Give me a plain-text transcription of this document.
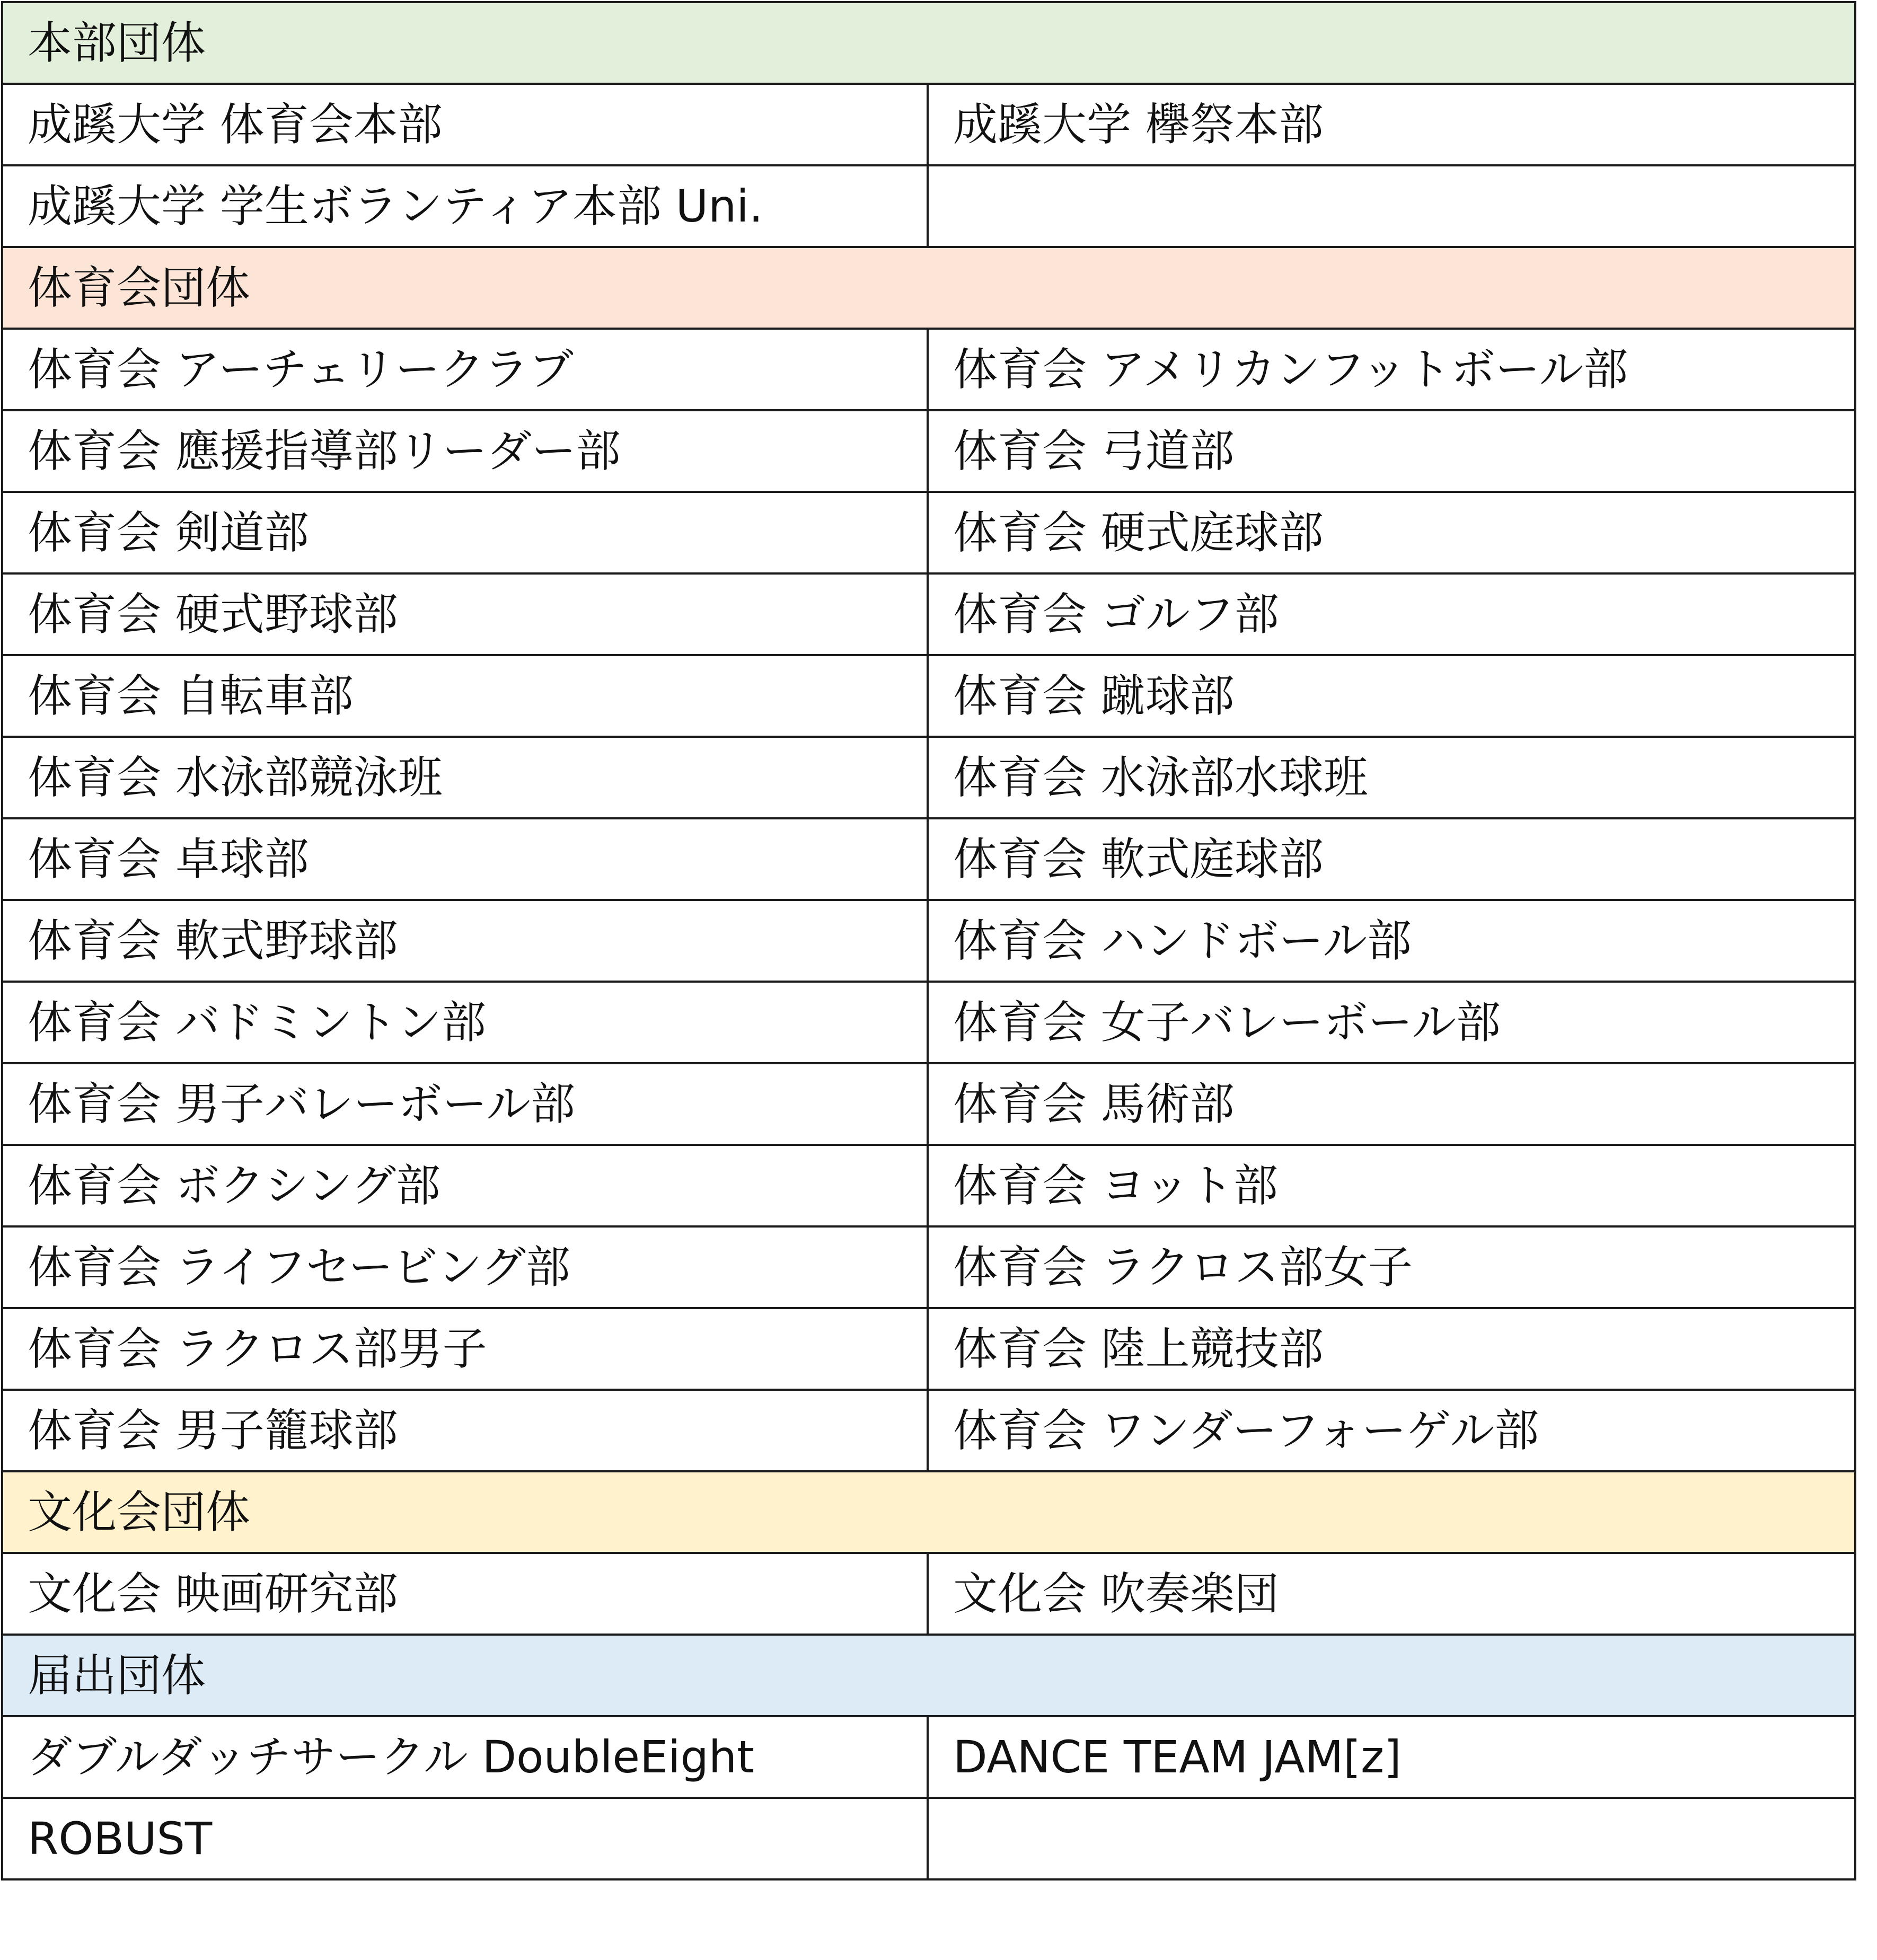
本部団体	
成蹊大学 体育会本部	成蹊大学 欅祭本部
成蹊大学 学生ボランティア本部 Uni.	
体育会団体	
体育会 アーチェリークラブ	体育会 アメリカンフットボール部
体育会 應援指導部リーダー部	体育会 弓道部
体育会 剣道部	体育会 硬式庭球部
体育会 硬式野球部	体育会 ゴルフ部
体育会 自転車部	体育会 蹴球部
体育会 水泳部競泳班	体育会 水泳部水球班
体育会 卓球部	体育会 軟式庭球部
体育会 軟式野球部	体育会 ハンドボール部
体育会 バドミントン部	体育会 女子バレーボール部
体育会 男子バレーボール部	体育会 馬術部
体育会 ボクシング部	体育会 ヨット部
体育会 ライフセービング部	体育会 ラクロス部女子
体育会 ラクロス部男子	体育会 陸上競技部
体育会 男子籠球部	体育会 ワンダーフォーゲル部
文化会団体	
文化会 映画研究部	文化会 吹奏楽団
届出団体	
ダブルダッチサークル DoubleEight	DANCE TEAM JAM[z]
ROBUST	
